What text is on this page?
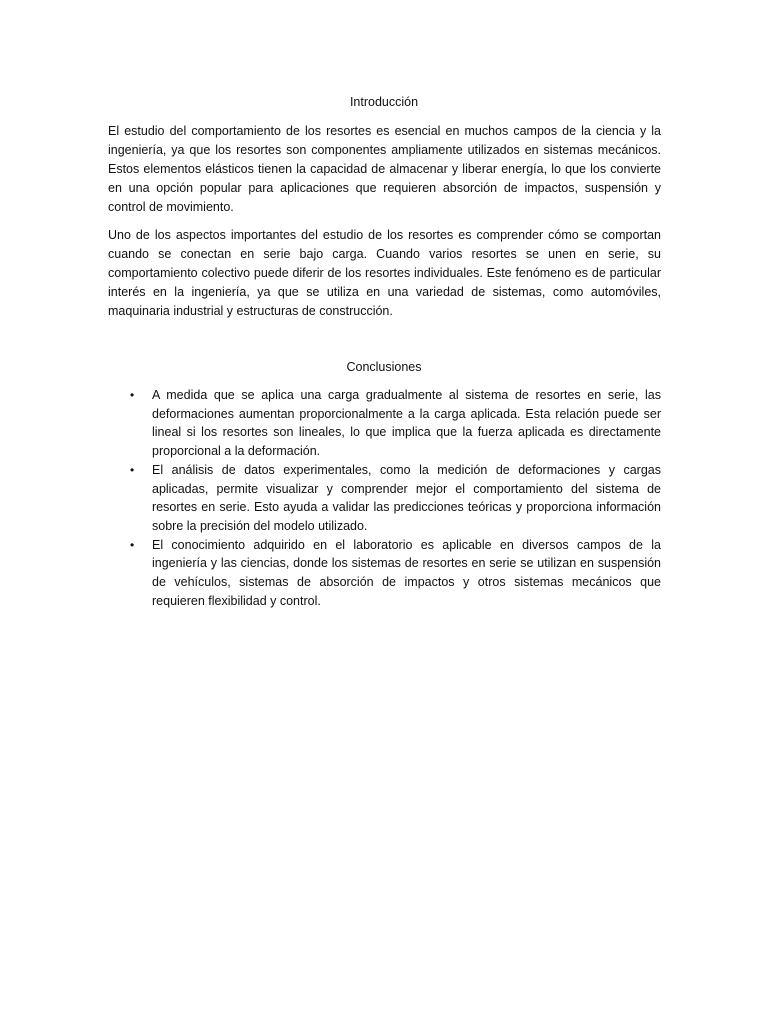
Introducción

El estudio del comportamiento de los resortes es esencial en muchos campos de la ciencia y la ingeniería, ya que los resortes son componentes ampliamente utilizados en sistemas mecánicos. Estos elementos elásticos tienen la capacidad de almacenar y liberar energía, lo que los convierte en una opción popular para aplicaciones que requieren absorción de impactos, suspensión y control de movimiento.

Uno de los aspectos importantes del estudio de los resortes es comprender cómo se comportan cuando se conectan en serie bajo carga. Cuando varios resortes se unen en serie, su comportamiento colectivo puede diferir de los resortes individuales. Este fenómeno es de particular interés en la ingeniería, ya que se utiliza en una variedad de sistemas, como automóviles, maquinaria industrial y estructuras de construcción.

Conclusiones
• A medida que se aplica una carga gradualmente al sistema de resortes en serie, las deformaciones aumentan proporcionalmente a la carga aplicada. Esta relación puede ser lineal si los resortes son lineales, lo que implica que la fuerza aplicada es directamente proporcional a la deformación.
• El análisis de datos experimentales, como la medición de deformaciones y cargas aplicadas, permite visualizar y comprender mejor el comportamiento del sistema de resortes en serie. Esto ayuda a validar las predicciones teóricas y proporciona información sobre la precisión del modelo utilizado.
• El conocimiento adquirido en el laboratorio es aplicable en diversos campos de la ingeniería y las ciencias, donde los sistemas de resortes en serie se utilizan en suspensión de vehículos, sistemas de absorción de impactos y otros sistemas mecánicos que requieren flexibilidad y control.
